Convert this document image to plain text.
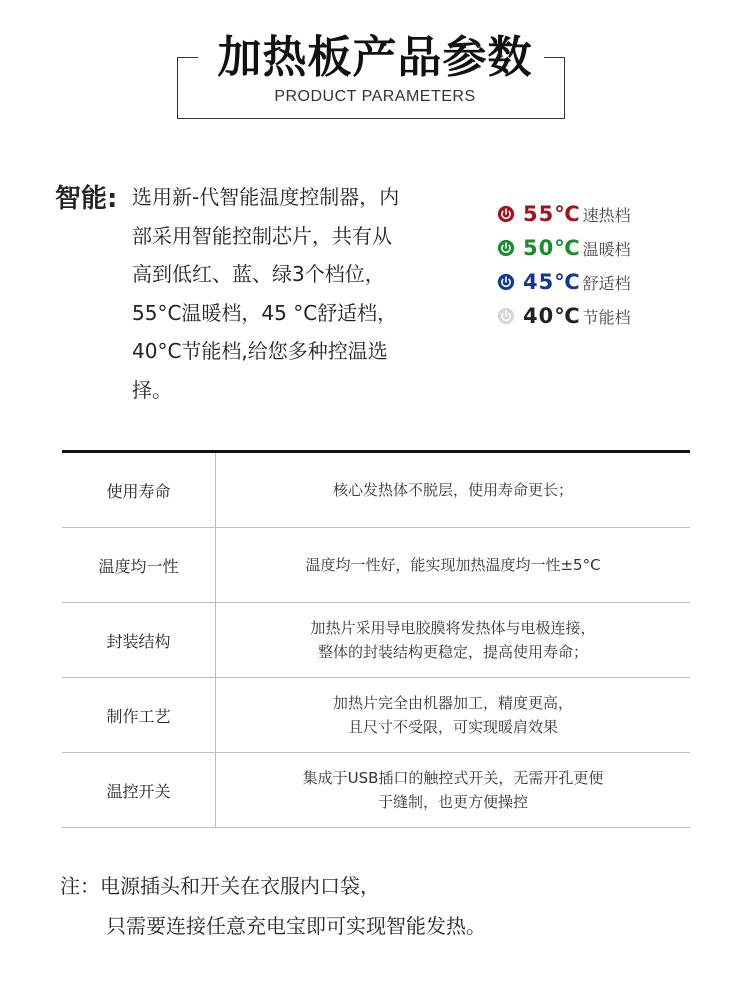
加热板产品参数
PRODUCT PARAMETERS
智能: 选用新-代智能温度控制器，内
部采用智能控制芯片，共有从
高到低红、蓝、绿3个档位，
55°C温暖档，45 °C舒适档，
40°C节能档,给您多种控温选
择。
55℃ 速热档
50℃ 温暖档
45℃ 舒适档
40℃ 节能档
使用寿命	核心发热体不脱层，使用寿命更长；
温度均一性	温度均一性好，能实现加热温度均一性±5°C
封装结构
加热片采用导电胶膜将发热体与电极连接，
整体的封装结构更稳定，提高使用寿命；
制作工艺
加热片完全由机器加工，精度更高，
且尺寸不受限，可实现暖肩效果
温控开关
集成于USB插口的触控式开关，无需开孔更便
于缝制，也更方便操控
注：电源插头和开关在衣服内口袋，
只需要连接任意充电宝即可实现智能发热。
